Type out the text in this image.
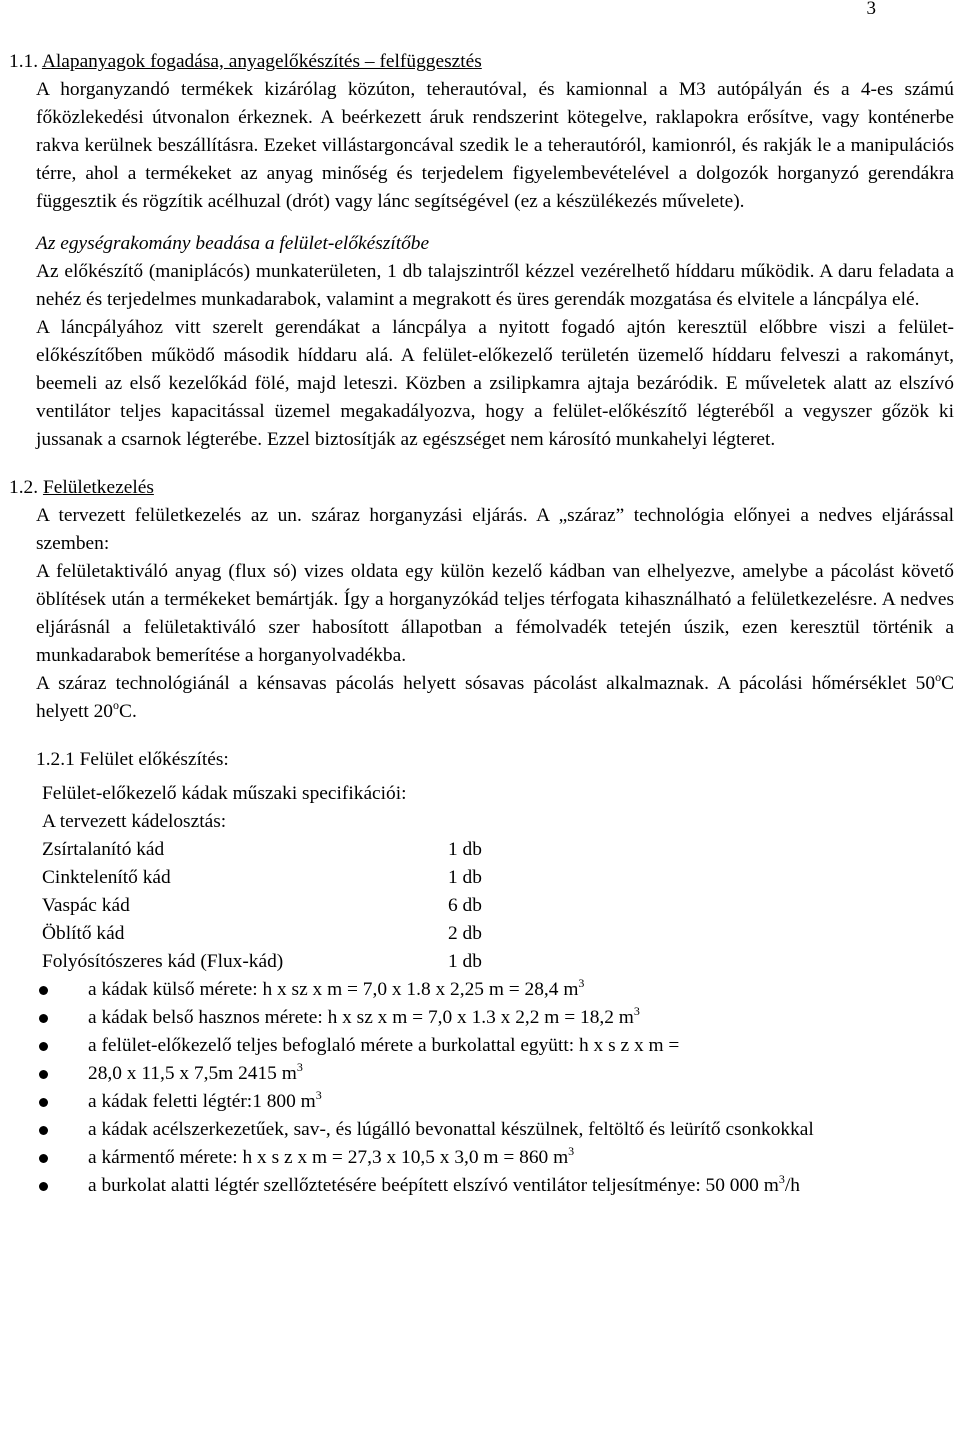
3
1.1. Alapanyagok fogadása, anyagelőkészítés – felfüggesztés

A horganyzandó termékek kizárólag közúton, teherautóval, és kamionnal a M3 autópályán és a 4-es számú főközlekedési útvonalon érkeznek. A beérkezett áruk rendszerint kötegelve, raklapokra erősítve, vagy konténerbe rakva kerülnek beszállításra. Ezeket villástargoncával szedik le a teherautóról, kamionról, és rakják le a manipulációs térre, ahol a termékeket az anyag minőség és terjedelem figyelembevételével a dolgozók horganyzó gerendákra függesztik és rögzítik acélhuzal (drót) vagy lánc segítségével (ez a készülékezés művelete).

Az egységrakomány beadása a felület-előkészítőbe

Az előkészítő (maniplácós) munkaterületen, 1 db talajszintről kézzel vezérelhető híddaru működik. A daru feladata a nehéz és terjedelmes munkadarabok, valamint a megrakott és üres gerendák mozgatása és elvitele a láncpálya elé.

A láncpályához vitt szerelt gerendákat a láncpálya a nyitott fogadó ajtón keresztül előbbre viszi a felület-előkészítőben működő második híddaru alá. A felület-előkezelő területén üzemelő híddaru felveszi a rakományt, beemeli az első kezelőkád fölé, majd leteszi. Közben a zsilipkamra ajtaja bezáródik. E műveletek alatt az elszívó ventilátor teljes kapacitással üzemel megakadályozva, hogy a felület-előkészítő légteréből a vegyszer gőzök ki jussanak a csarnok légterébe. Ezzel biztosítják az egészséget nem károsító munkahelyi légteret.

1.2. Felületkezelés

A tervezett felületkezelés az un. száraz horganyzási eljárás. A „száraz” technológia előnyei a nedves eljárással szemben:

A felületaktiváló anyag (flux só) vizes oldata egy külön kezelő kádban van elhelyezve, amelybe a pácolást követő öblítések után a termékeket bemártják. Így a horganyzókád teljes térfogata kihasználható a felületkezelésre. A nedves eljárásnál a felületaktiváló szer habosított állapotban a fémolvadék tetején úszik, ezen keresztül történik a munkadarabok bemerítése a horganyolvadékba.

A száraz technológiánál a kénsavas pácolás helyett sósavas pácolást alkalmaznak. A pácolási hőmérséklet 50$^o$C helyett 20$^o$C.

1.2.1 Felület előkészítés:

Felület-előkezelő kádak műszaki specifikációi:

A tervezett kádelosztás:

Zsírtalanító kád	1 db
Cinktelenítő kád	1 db
Vaspác kád	6 db
Öblítő kád	2 db
Folyósítószeres kád (Flux-kád)	1 db
a kádak külső mérete: h x sz x m = 7,0 x 1.8 x 2,25 m = 28,4 $m^3$
a kádak belső hasznos mérete: h x sz x m = 7,0 x 1.3 x 2,2 m = 18,2 $m^3$
a felület-előkezelő teljes befoglaló mérete a burkolattal együtt: h x s z x m =
28,0 x 11,5 x 7,5m 2415 $m^3$
a kádak feletti légtér:1 800 $m^3$
a kádak acélszerkezetűek, sav-, és lúgálló bevonattal készülnek, feltöltő és leürítő csonkokkal
a kármentő mérete: h x s z x m = 27,3 x 10,5 x 3,0 m = 860 $m^3$
a burkolat alatti légtér szellőztetésére beépített elszívó ventilátor teljesítménye: 50 000 $m^3/h$
